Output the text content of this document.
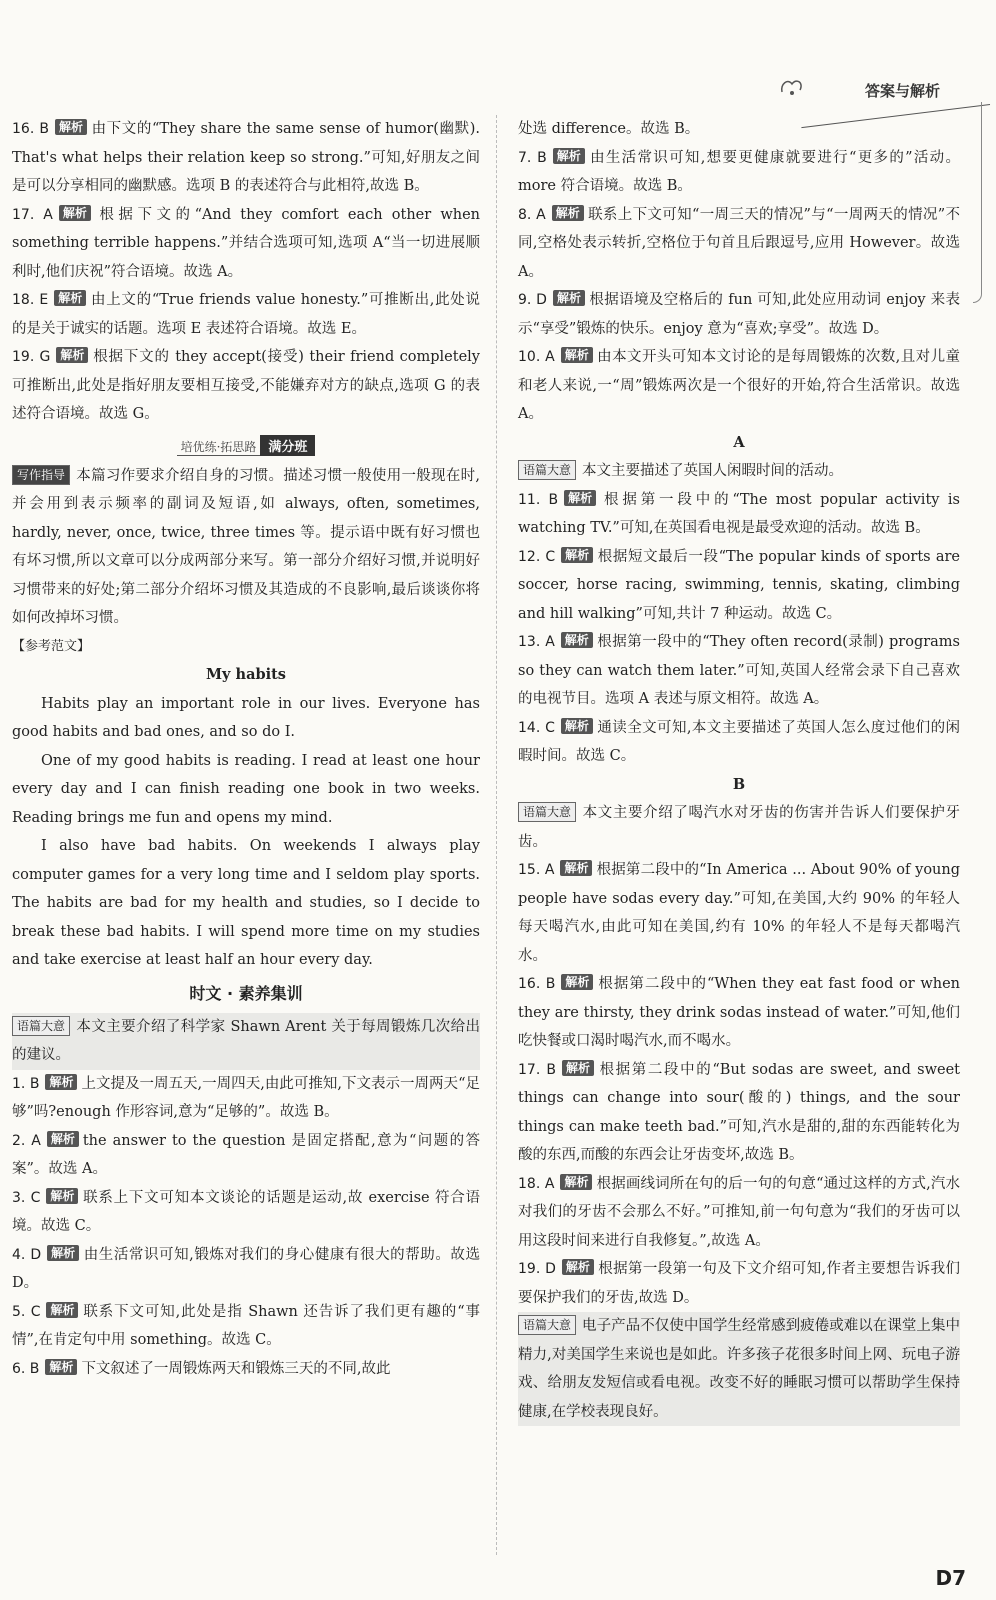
答案与解析

16. B 解析 由下文的“They share the same sense of humor(幽默). That's what helps their relation keep so strong.”可知,好朋友之间是可以分享相同的幽默感。选项 B 的表述符合与此相符,故选 B。

17. A 解析 根据下文的“And they comfort each other when something terrible happens.”并结合选项可知,选项 A“当一切进展顺利时,他们庆祝”符合语境。故选 A。

18. E 解析 由上文的“True friends value honesty.”可推断出,此处说的是关于诚实的话题。选项 E 表述符合语境。故选 E。

19. G 解析 根据下文的 they accept(接受) their friend completely 可推断出,此处是指好朋友要相互接受,不能嫌弃对方的缺点,选项 G 的表述符合语境。故选 G。

培优练·拓思路 满分班

写作指导 本篇习作要求介绍自身的习惯。描述习惯一般使用一般现在时,并会用到表示频率的副词及短语,如 always, often, sometimes, hardly, never, once, twice, three times 等。提示语中既有好习惯也有坏习惯,所以文章可以分成两部分来写。第一部分介绍好习惯,并说明好习惯带来的好处;第二部分介绍坏习惯及其造成的不良影响,最后谈谈你将如何改掉坏习惯。

【参考范文】
My habits

Habits play an important role in our lives. Everyone has good habits and bad ones, and so do I.

One of my good habits is reading. I read at least one hour every day and I can finish reading one book in two weeks. Reading brings me fun and opens my mind.

I also have bad habits. On weekends I always play computer games for a very long time and I seldom play sports. The habits are bad for my health and studies, so I decide to break these bad habits. I will spend more time on my studies and take exercise at least half an hour every day.

时文 · 素养集训

语篇大意 本文主要介绍了科学家 Shawn Arent 关于每周锻炼几次给出的建议。

1. B 解析 上文提及一周五天,一周四天,由此可推知,下文表示一周两天“足够”吗?enough 作形容词,意为“足够的”。故选 B。

2. A 解析 the answer to the question 是固定搭配,意为“问题的答案”。故选 A。

3. C 解析 联系上下文可知本文谈论的话题是运动,故 exercise 符合语境。故选 C。

4. D 解析 由生活常识可知,锻炼对我们的身心健康有很大的帮助。故选 D。

5. C 解析 联系下文可知,此处是指 Shawn 还告诉了我们更有趣的“事情”,在肯定句中用 something。故选 C。

6. B 解析 下文叙述了一周锻炼两天和锻炼三天的不同,故此

处选 difference。故选 B。

7. B 解析 由生活常识可知,想要更健康就要进行“更多的”活动。more 符合语境。故选 B。

8. A 解析 联系上下文可知“一周三天的情况”与“一周两天的情况”不同,空格处表示转折,空格位于句首且后跟逗号,应用 However。故选 A。

9. D 解析 根据语境及空格后的 fun 可知,此处应用动词 enjoy 来表示“享受”锻炼的快乐。enjoy 意为“喜欢;享受”。故选 D。

10. A 解析 由本文开头可知本文讨论的是每周锻炼的次数,且对儿童和老人来说,一“周”锻炼两次是一个很好的开始,符合生活常识。故选 A。

A

语篇大意 本文主要描述了英国人闲暇时间的活动。

11. B 解析 根据第一段中的“The most popular activity is watching TV.”可知,在英国看电视是最受欢迎的活动。故选 B。

12. C 解析 根据短文最后一段“The popular kinds of sports are soccer, horse racing, swimming, tennis, skating, climbing and hill walking”可知,共计 7 种运动。故选 C。

13. A 解析 根据第一段中的“They often record(录制) programs so they can watch them later.”可知,英国人经常会录下自己喜欢的电视节目。选项 A 表述与原文相符。故选 A。

14. C 解析 通读全文可知,本文主要描述了英国人怎么度过他们的闲暇时间。故选 C。

B

语篇大意 本文主要介绍了喝汽水对牙齿的伤害并告诉人们要保护牙齿。

15. A 解析 根据第二段中的“In America ... About 90% of young people have sodas every day.”可知,在美国,大约 90% 的年轻人每天喝汽水,由此可知在美国,约有 10% 的年轻人不是每天都喝汽水。

16. B 解析 根据第二段中的“When they eat fast food or when they are thirsty, they drink sodas instead of water.”可知,他们吃快餐或口渴时喝汽水,而不喝水。

17. B 解析 根据第二段中的“But sodas are sweet, and sweet things can change into sour(酸的) things, and the sour things can make teeth bad.”可知,汽水是甜的,甜的东西能转化为酸的东西,而酸的东西会让牙齿变坏,故选 B。

18. A 解析 根据画线词所在句的后一句的句意“通过这样的方式,汽水对我们的牙齿不会那么不好。”可推知,前一句句意为“我们的牙齿可以用这段时间来进行自我修复。”,故选 A。

19. D 解析 根据第一段第一句及下文介绍可知,作者主要想告诉我们要保护我们的牙齿,故选 D。

语篇大意 电子产品不仅使中国学生经常感到疲倦或难以在课堂上集中精力,对美国学生来说也是如此。许多孩子花很多时间上网、玩电子游戏、给朋友发短信或看电视。改变不好的睡眠习惯可以帮助学生保持健康,在学校表现良好。

D7
